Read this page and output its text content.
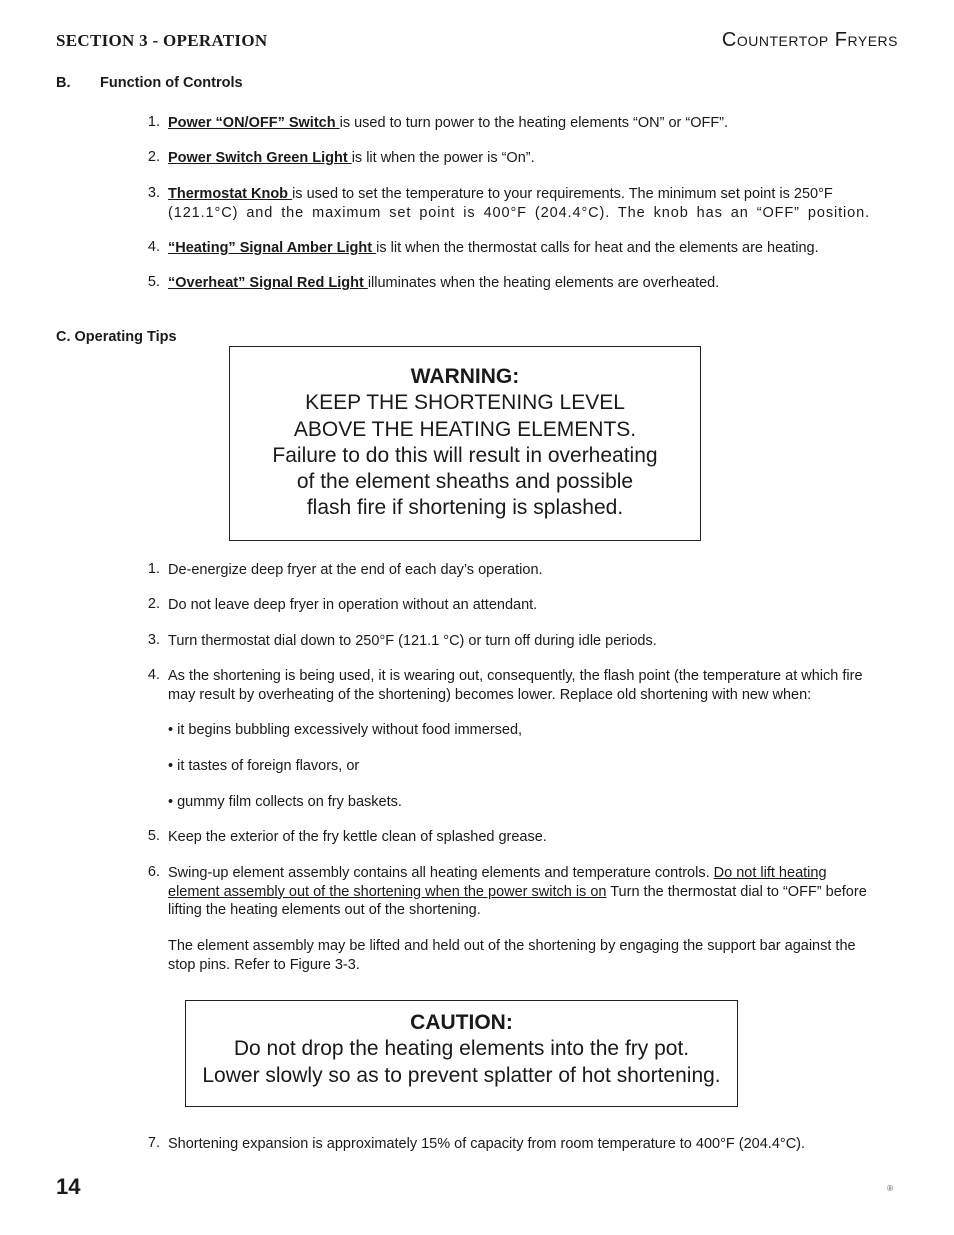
SECTION 3 - OPERATION	Countertop Fryers
B. Function of Controls
1. Power “ON/OFF” Switch is used to turn power to the heating elements “ON” or “OFF”.
2. Power Switch Green Light is lit when the power is “On”.
3. Thermostat Knob is used to set the temperature to your requirements. The minimum set point is 250°F
(121.1°C) and the maximum set point is 400°F (204.4°C). The knob has an “OFF” position.
4. “Heating” Signal Amber Light is lit when the thermostat calls for heat and the elements are heating.
5. “Overheat” Signal Red Light illuminates when the heating elements are overheated.
C. Operating Tips
WARNING:
KEEP THE SHORTENING LEVEL
ABOVE THE HEATING ELEMENTS.
Failure to do this will result in overheating
of the element sheaths and possible
flash fire if shortening is splashed.
1. De-energize deep fryer at the end of each day’s operation.
2. Do not leave deep fryer in operation without an attendant.
3. Turn thermostat dial down to 250°F (121.1 °C) or turn off during idle periods.
4. As the shortening is being used, it is wearing out, consequently, the flash point (the temperature at which fire may result by overheating of the shortening) becomes lower. Replace old shortening with new when:
• it begins bubbling excessively without food immersed,
• it tastes of foreign flavors, or
• gummy film collects on fry baskets.
5. Keep the exterior of the fry kettle clean of splashed grease.
6. Swing-up element assembly contains all heating elements and temperature controls. Do not lift heating element assembly out of the shortening when the power switch is on Turn the thermostat dial to “OFF” before lifting the heating elements out of the shortening.
The element assembly may be lifted and held out of the shortening by engaging the support bar against the stop pins. Refer to Figure 3-3.
CAUTION:
Do not drop the heating elements into the fry pot.
Lower slowly so as to prevent splatter of hot shortening.
7. Shortening expansion is approximately 15% of capacity from room temperature to 400°F (204.4°C).
14	®
